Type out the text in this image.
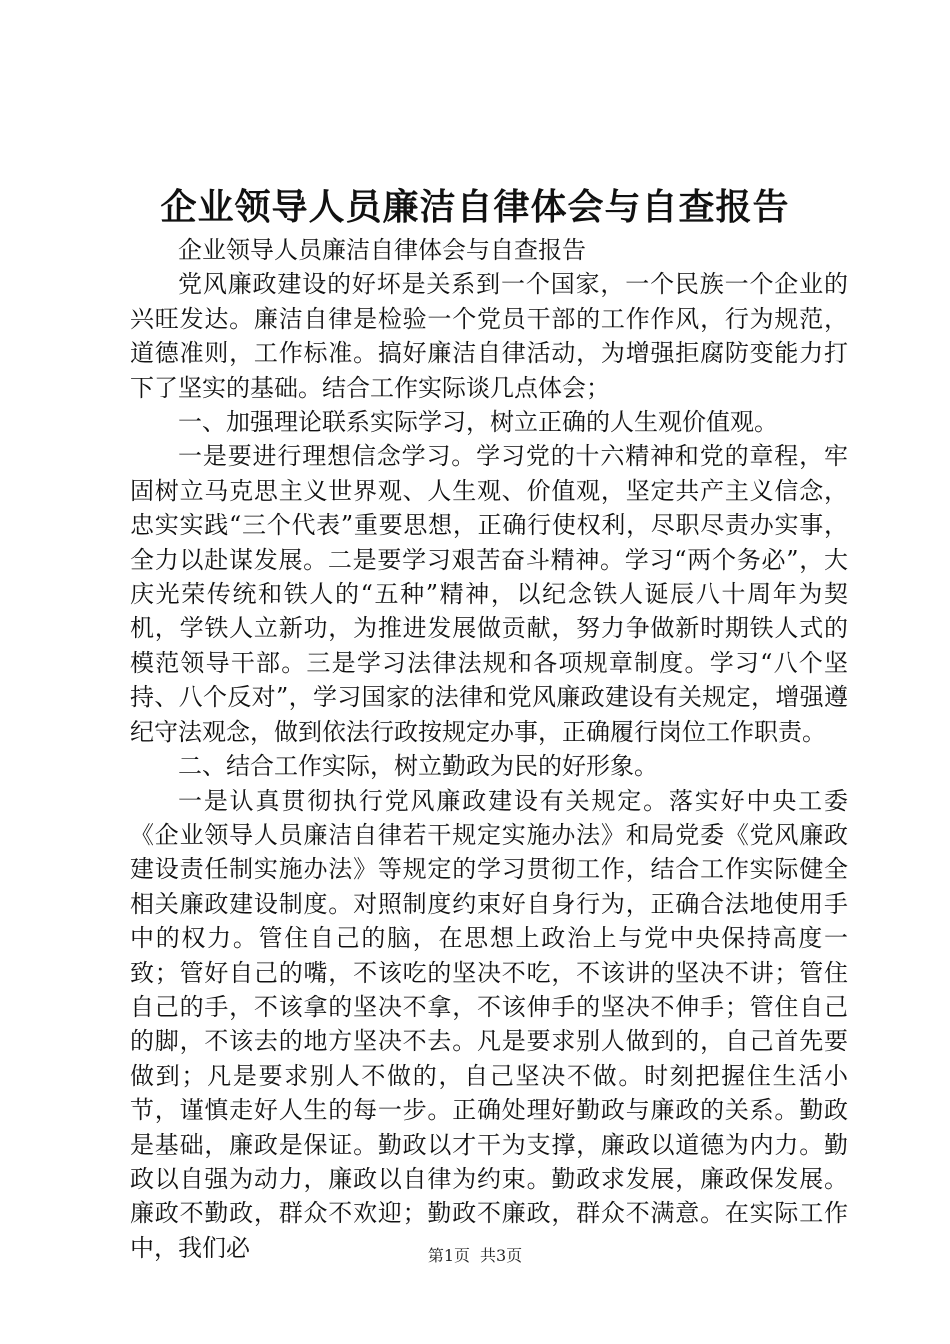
企业领导人员廉洁自律体会与自查报告

企业领导人员廉洁自律体会与自查报告

党风廉政建设的好坏是关系到一个国家，一个民族一个企业的兴旺发达。廉洁自律是检验一个党员干部的工作作风，行为规范，道德准则，工作标准。搞好廉洁自律活动，为增强拒腐防变能力打下了坚实的基础。结合工作实际谈几点体会；

一、加强理论联系实际学习，树立正确的人生观价值观。

一是要进行理想信念学习。学习党的十六精神和党的章程，牢固树立马克思主义世界观、人生观、价值观，坚定共产主义信念，忠实实践“三个代表”重要思想，正确行使权利，尽职尽责办实事，全力以赴谋发展。二是要学习艰苦奋斗精神。学习“两个务必”，大庆光荣传统和铁人的“五种”精神，以纪念铁人诞辰八十周年为契机，学铁人立新功，为推进发展做贡献，努力争做新时期铁人式的模范领导干部。三是学习法律法规和各项规章制度。学习“八个坚持、八个反对”，学习国家的法律和党风廉政建设有关规定，增强遵纪守法观念，做到依法行政按规定办事，正确履行岗位工作职责。

二、结合工作实际，树立勤政为民的好形象。

一是认真贯彻执行党风廉政建设有关规定。落实好中央工委《企业领导人员廉洁自律若干规定实施办法》和局党委《党风廉政建设责任制实施办法》等规定的学习贯彻工作，结合工作实际健全相关廉政建设制度。对照制度约束好自身行为，正确合法地使用手中的权力。管住自己的脑，在思想上政治上与党中央保持高度一致；管好自己的嘴，不该吃的坚决不吃，不该讲的坚决不讲；管住自己的手，不该拿的坚决不拿，不该伸手的坚决不伸手；管住自己的脚，不该去的地方坚决不去。凡是要求别人做到的，自己首先要做到；凡是要求别人不做的，自己坚决不做。时刻把握住生活小节，谨慎走好人生的每一步。正确处理好勤政与廉政的关系。勤政是基础，廉政是保证。勤政以才干为支撑，廉政以道德为内力。勤政以自强为动力，廉政以自律为约束。勤政求发展，廉政保发展。廉政不勤政，群众不欢迎；勤政不廉政，群众不满意。在实际工作中，我们必	第1页 共3页
